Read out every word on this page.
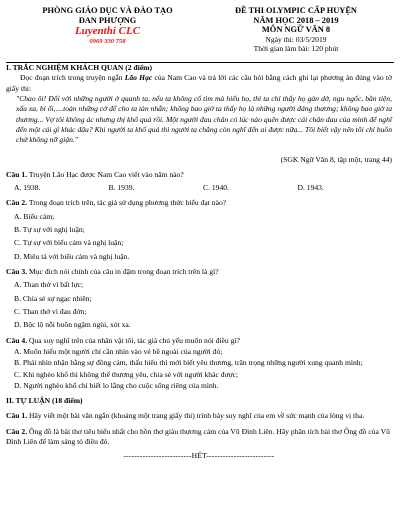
PHÒNG GIÁO DỤC VÀ ĐÀO TẠO
ĐAN PHƯỢNG
Luyenthi CLC
0969 330 758
ĐỀ THI OLYMPIC CẤP HUYỆN
NĂM HỌC 2018 – 2019
MÔN NGỮ VĂN 8
Ngày thi: 03/5/2019
Thời gian làm bài: 120 phút

I. TRẮC NGHIỆM KHÁCH QUAN (2 điểm)

Đọc đoạn trích trong truyện ngắn Lão Hạc của Nam Cao và trả lời các câu hỏi bằng cách ghi lại phương án đúng vào tờ giấy thi:

"Chao ôi! Đối với những người ở quanh ta, nếu ta không cố tìm mà hiểu họ, thì ta chỉ thấy họ gàn dở, ngu ngốc, bần tiện, xấu xa, bỉ ổi,....toàn những cớ để cho ta tàn nhẫn; không bao giờ ta thấy họ là những người đáng thương; không bao giờ ta thương... Vợ tôi không ác nhưng thị khổ quá rồi. Một người đau chân có lúc nào quên được cái chân đau của mình để nghĩ đến một cái gì khác đâu? Khi người ta khổ quá thì người ta chẳng còn nghĩ đến ai được nữa... Tôi biết vậy nên tôi chỉ buồn chứ không nỡ giận."

(SGK Ngữ Văn 8, tập một, trang 44)

Câu 1. Truyện Lão Hạc được Nam Cao viết vào năm nào?

A. 1938.	B. 1939.	C. 1940.	D. 1943.

Câu 2. Trong đoạn trích trên, tác giả sử dụng phương thức biểu đạt nào?

A. Biểu cảm;
B. Tự sự với nghị luận;
C. Tự sự với biểu cảm và nghị luận;
D. Miêu tả với biểu cảm và nghị luận.

Câu 3. Mục đích nói chính của câu in đậm trong đoạn trích trên là gì?

A. Than thở vì bất lực;
B. Chia sẻ sự ngạc nhiên;
C. Than thở vì đau đớn;
D. Bộc lộ nỗi buồn ngậm ngùi, xót xa.

Câu 4. Qua suy nghĩ trên của nhân vật tôi, tác giả chủ yếu muốn nói điều gì?

A. Muốn hiểu một người chỉ cần nhìn vào vẻ bề ngoài của người đó;
B. Phải nhìn nhận bằng sự đồng cảm, thấu hiểu thì mới biết yêu thương, trân trọng những người xung quanh mình;
C. Khi nghèo khổ thì không thể thương yêu, chia sẻ với người khác được;
D. Người nghèo khổ chỉ biết lo lắng cho cuộc sống riêng của mình.

II. TỰ LUẬN (18 điểm)

Câu 1. Hãy viết một bài văn ngắn (khoảng một trang giấy thi) trình bày suy nghĩ của em về sức mạnh của lòng vị tha.

Câu 2. Ông đồ là bài thơ tiêu biểu nhất cho hồn thơ giàu thương cảm của Vũ Đình Liên. Hãy phân tích bài thơ Ông đồ của Vũ Đình Liên để làm sáng tỏ điều đó.

-------------------------HẾT-------------------------
